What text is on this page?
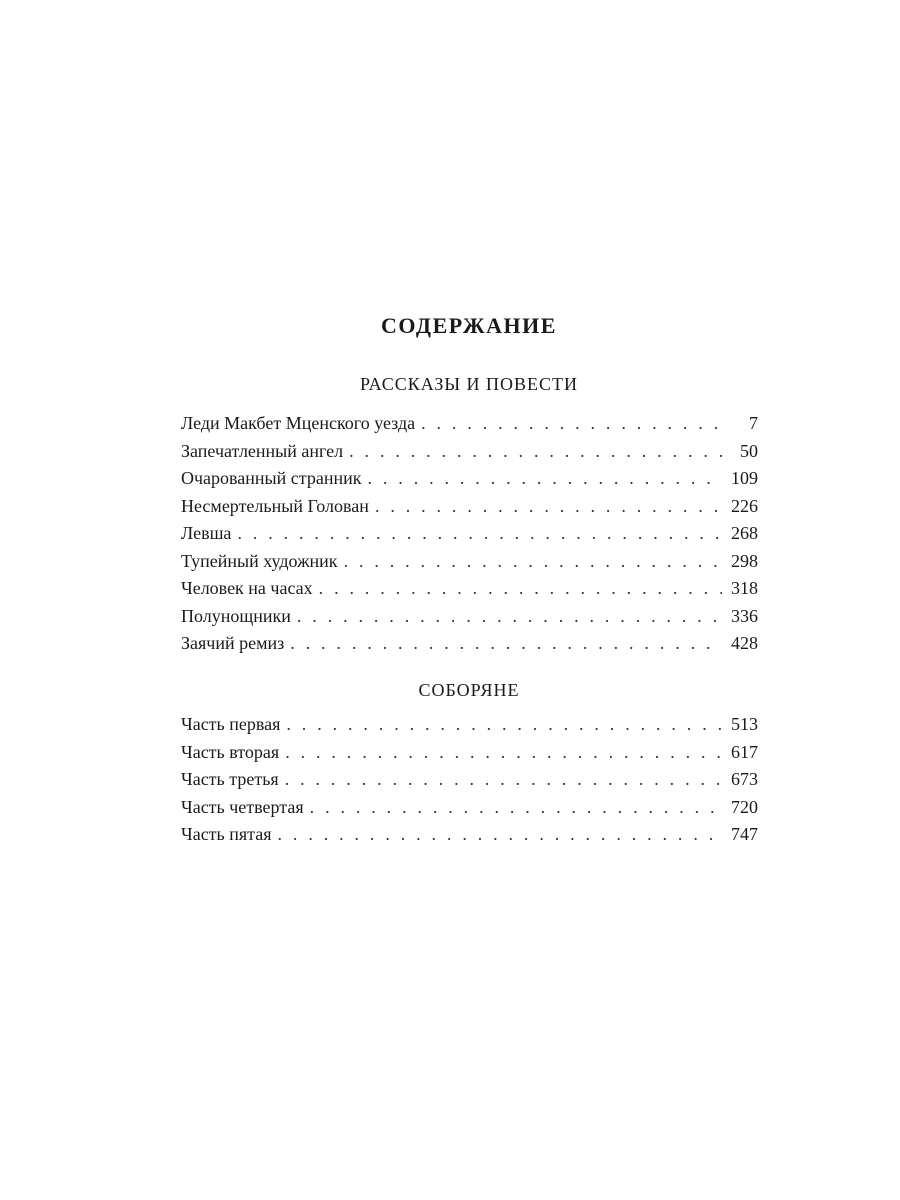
СОДЕРЖАНИЕ
РАССКАЗЫ И ПОВЕСТИ
Леди Макбет Мценского уезда . . .	7
Запечатленный ангел . . .	50
Очарованный странник . . .	109
Несмертельный Голован . . .	226
Левша . . .	268
Тупейный художник . . .	298
Человек на часах . . .	318
Полунощники . . .	336
Заячий ремиз . . .	428
СОБОРЯНЕ
Часть первая . . .	513
Часть вторая . . .	617
Часть третья . . .	673
Часть четвертая . . .	720
Часть пятая . . .	747
